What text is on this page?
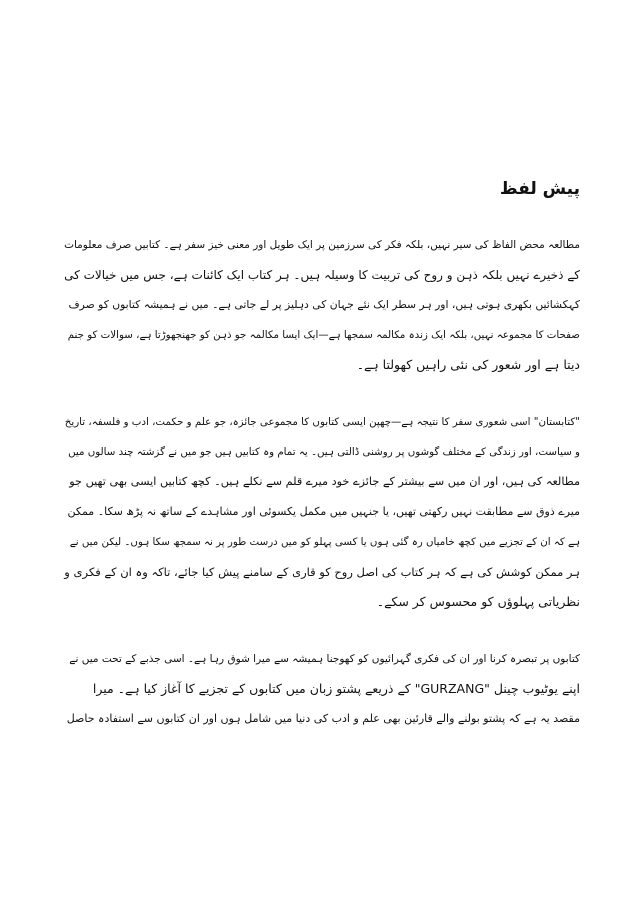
پیش لفظ
مطالعہ محض الفاظ کی سیر نہیں، بلکہ فکر کی سرزمین پر ایک طویل اور معنی خیز سفر ہے۔ کتابیں صرف معلومات
کے ذخیرے نہیں بلکہ ذہن و روح کی تربیت کا وسیلہ ہیں۔ ہر کتاب ایک کائنات ہے، جس میں خیالات کی
کہکشائیں بکھری ہوتی ہیں، اور ہر سطر ایک نئے جہان کی دہلیز پر لے جاتی ہے۔ میں نے ہمیشہ کتابوں کو صرف
صفحات کا مجموعہ نہیں، بلکہ ایک زندہ مکالمہ سمجھا ہے—ایک ایسا مکالمہ جو ذہن کو جھنجھوڑتا ہے، سوالات کو جنم
دیتا ہے اور شعور کی نئی راہیں کھولتا ہے۔
"کتابستان" اسی شعوری سفر کا نتیجہ ہے—چھپن ایسی کتابوں کا مجموعی جائزہ، جو علم و حکمت، ادب و فلسفہ، تاریخ
و سیاست، اور زندگی کے مختلف گوشوں پر روشنی ڈالتی ہیں۔ یہ تمام وہ کتابیں ہیں جو میں نے گزشتہ چند سالوں میں
مطالعہ کی ہیں، اور ان میں سے بیشتر کے جائزے خود میرے قلم سے نکلے ہیں۔ کچھ کتابیں ایسی بھی تھیں جو
میرے ذوق سے مطابقت نہیں رکھتی تھیں، یا جنہیں میں مکمل یکسوئی اور مشاہدے کے ساتھ نہ پڑھ سکا۔ ممکن
ہے کہ ان کے تجزیے میں کچھ خامیاں رہ گئی ہوں یا کسی پہلو کو میں درست طور پر نہ سمجھ سکا ہوں۔ لیکن میں نے
ہر ممکن کوشش کی ہے کہ ہر کتاب کی اصل روح کو قاری کے سامنے پیش کیا جائے، تاکہ وہ ان کے فکری و
نظریاتی پہلوؤں کو محسوس کر سکے۔
کتابوں پر تبصرہ کرنا اور ان کی فکری گہرائیوں کو کھوجنا ہمیشہ سے میرا شوق رہا ہے۔ اسی جذبے کے تحت میں نے
اپنے یوٹیوب چینل "GURZANG" کے ذریعے پشتو زبان میں کتابوں کے تجزیے کا آغاز کیا ہے۔ میرا
مقصد یہ ہے کہ پشتو بولنے والے قارئین بھی علم و ادب کی دنیا میں شامل ہوں اور ان کتابوں سے استفادہ حاصل
